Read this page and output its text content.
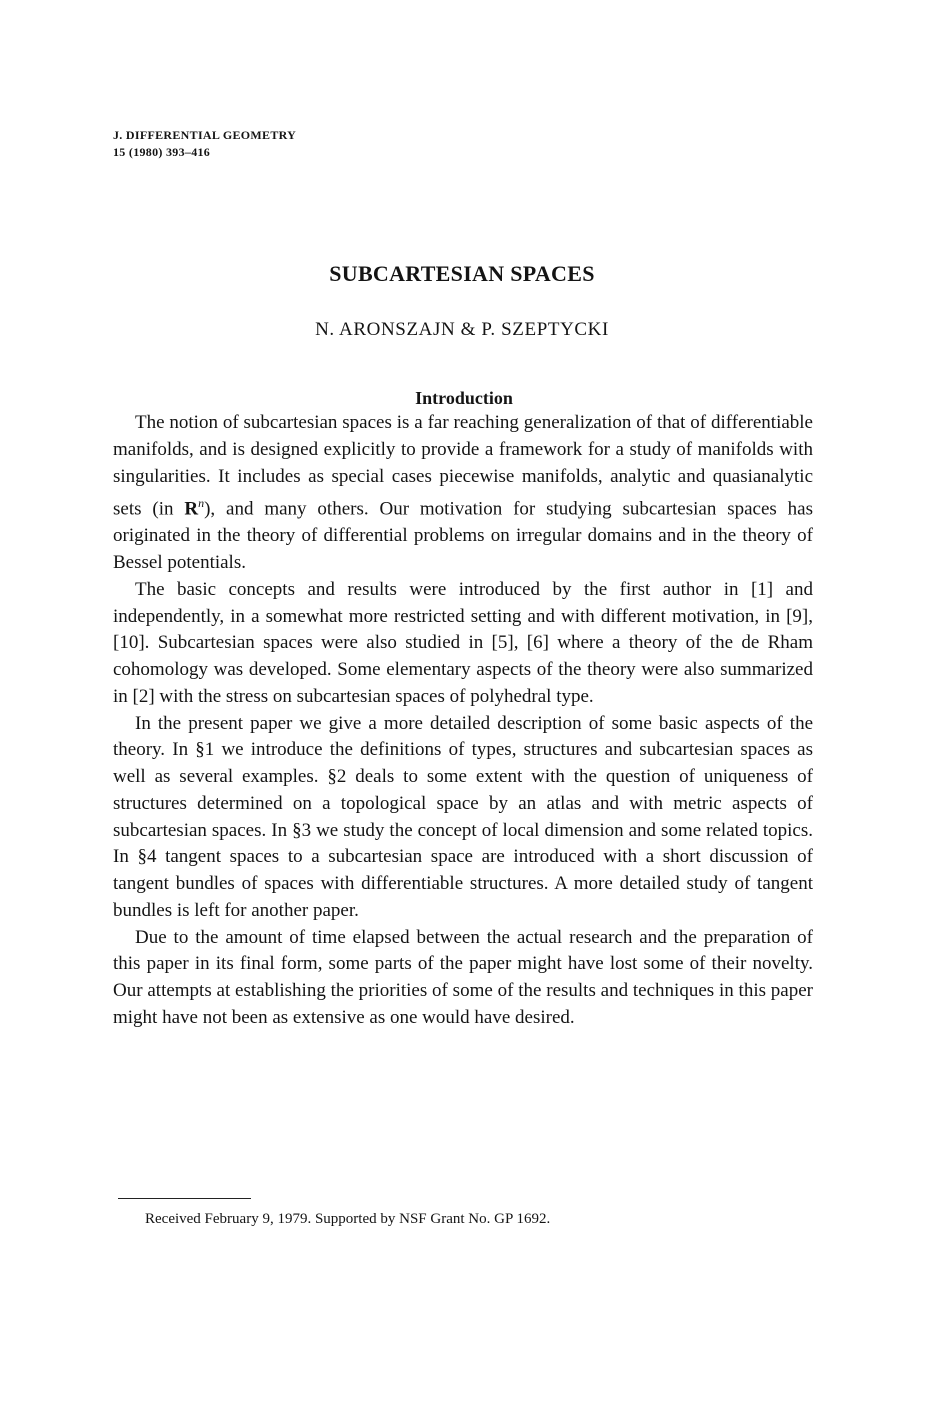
J. DIFFERENTIAL GEOMETRY
15 (1980) 393–416
SUBCARTESIAN SPACES
N. ARONSZAJN & P. SZEPTYCKI
Introduction

The notion of subcartesian spaces is a far reaching generalization of that of differentiable manifolds, and is designed explicitly to provide a framework for a study of manifolds with singularities. It includes as special cases piecewise manifolds, analytic and quasianalytic sets (in $R^n$), and many others. Our motivation for studying subcartesian spaces has originated in the theory of differential problems on irregular domains and in the theory of Bessel potentials.

The basic concepts and results were introduced by the first author in [1] and independently, in a somewhat more restricted setting and with different motivation, in [9], [10]. Subcartesian spaces were also studied in [5], [6] where a theory of the de Rham cohomology was developed. Some elementary aspects of the theory were also summarized in [2] with the stress on subcartesian spaces of polyhedral type.

In the present paper we give a more detailed description of some basic aspects of the theory. In §1 we introduce the definitions of types, structures and subcartesian spaces as well as several examples. §2 deals to some extent with the question of uniqueness of structures determined on a topological space by an atlas and with metric aspects of subcartesian spaces. In §3 we study the concept of local dimension and some related topics. In §4 tangent spaces to a subcartesian space are introduced with a short discussion of tangent bundles of spaces with differentiable structures. A more detailed study of tangent bundles is left for another paper.

Due to the amount of time elapsed between the actual research and the preparation of this paper in its final form, some parts of the paper might have lost some of their novelty. Our attempts at establishing the priorities of some of the results and techniques in this paper might have not been as extensive as one would have desired.

Received February 9, 1979. Supported by NSF Grant No. GP 1692.
